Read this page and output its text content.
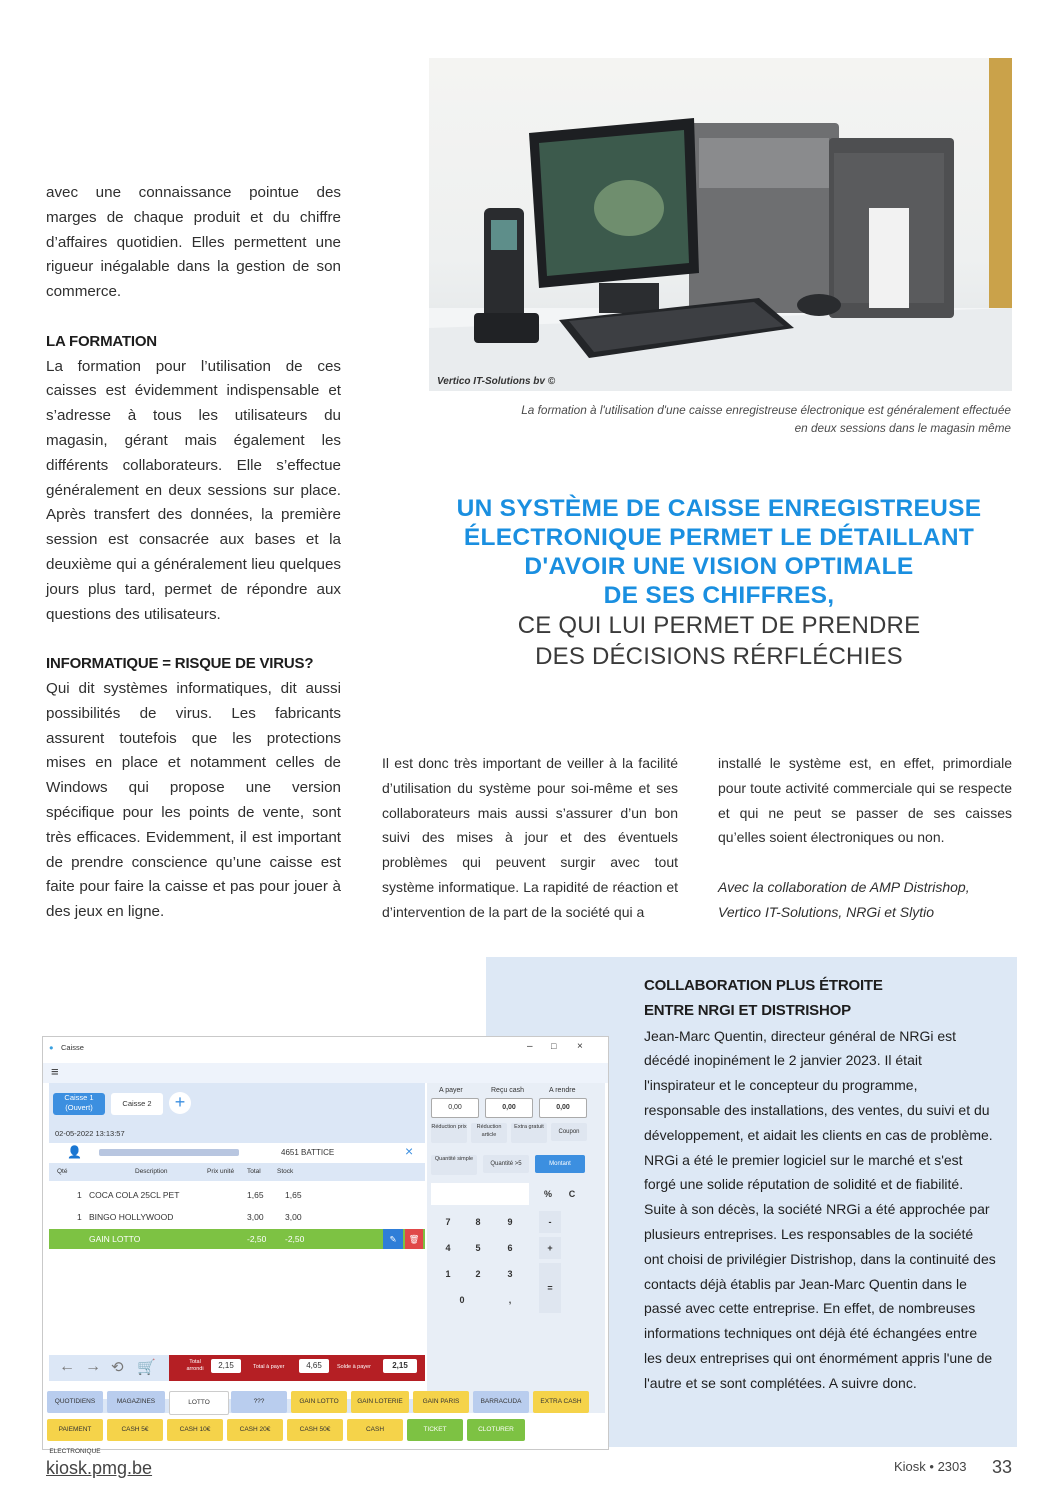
avec une connaissance pointue des marges de chaque produit et du chiffre d’affaires quotidien. Elles permettent une rigueur inégalable dans la gestion de son commerce.

LA FORMATION

La formation pour l’utilisation de ces caisses est évidemment indispensable et s’adresse à tous les utilisateurs du magasin, gérant mais également les différents collaborateurs. Elle s’effectue généralement en deux sessions sur place. Après transfert des données, la première session est consacrée aux bases et la deuxième qui a généralement lieu quelques jours plus tard, permet de répondre aux questions des utilisateurs.

INFORMATIQUE = RISQUE DE VIRUS?

Qui dit systèmes informatiques, dit aussi possibilités de virus. Les fabricants assurent toutefois que les protections mises en place et notamment celles de Windows qui propose une version spécifique pour les points de vente, sont très efficaces. Evidemment, il est important de prendre conscience qu’une caisse est faite pour faire la caisse et pas pour jouer à des jeux en ligne.

Vertico IT-Solutions bv ©
La formation à l'utilisation d'une caisse enregistreuse électronique est généralement effectuée
en deux sessions dans le magasin même
UN SYSTÈME DE CAISSE ENREGISTREUSE
ÉLECTRONIQUE PERMET LE DÉTAILLANT
D'AVOIR UNE VISION OPTIMALE
DE SES CHIFFRES,
CE QUI LUI PERMET DE PRENDRE
DES DÉCISIONS RÉRFLÉCHIES

Il est donc très important de veiller à la facilité d’utilisation du système pour soi-même et ses collaborateurs mais aussi s’assurer d’un bon suivi des mises à jour et des éventuels problèmes qui peuvent surgir avec tout système informatique. La rapidité de réaction et d’intervention de la part de la société qui a

installé le système est, en effet, primordiale pour toute activité commerciale qui se respecte et qui ne peut se passer de ses caisses qu’elles soient électroniques ou non.

Avec la collaboration de AMP Distrishop, Vertico IT-Solutions, NRGi et Slytio

COLLABORATION PLUS ÉTROITE
ENTRE NRGI ET DISTRISHOP
Jean-Marc Quentin, directeur général de NRGi est décédé inopinément le 2 janvier 2023. Il était l'inspirateur et le concepteur du programme, responsable des installations, des ventes, du suivi et du développement, et aidait les clients en cas de problème.
NRGi a été le premier logiciel sur le marché et s'est forgé une solide réputation de solidité et de fiabilité. Suite à son décès, la société NRGi a été approchée par plusieurs entreprises. Les responsables de la société ont choisi de privilégier Distrishop, dans la continuité des contacts déjà établis par Jean-Marc Quentin dans le passé avec cette entreprise. En effet, de nombreuses informations techniques ont déjà été échangées entre les deux entreprises qui ont énormément appris l'une de l'autre et se sont complétées. A suivre donc.
● Caisse	– □ ×
≡
Caisse 1 (Ouvert)	Caisse 2	+
02-05-2022 13:13:57
👤	4651 BATTICE	×
Qté	Description	Prix unité Total	Stock
1 COCA COLA 25CL PET	1,65	1,65
1 BINGO HOLLYWOOD	3,00	3,00
GAIN LOTTO	-2,50 -2,50	✎	🗑
A payer	Reçu cash	A rendre
0,00	0,00	0,00
Réduction prix	Réduction article
Extra gratuit
Coupon
Quantité simple
Quantité >5	Montant
%	C
7	8	9	-
4	5	6	+
1	2	3
=
0	,
← → ⟲ 🛒	Total arrondi	2,15	Total à payer	4,65	Solde à payer	2,15
QUOTIDIENS	MAGAZINES	LOTTO	???	GAIN LOTTO	GAIN LOTERIE	GAIN PARIS	BARRACUDA	EXTRA CASH
PAIEMENT ELECTRONIQUE
CASH 5€	CASH 10€	CASH 20€	CASH 50€	CASH	TICKET	CLOTURER
kiosk.pmg.be	Kiosk • 2303 33
